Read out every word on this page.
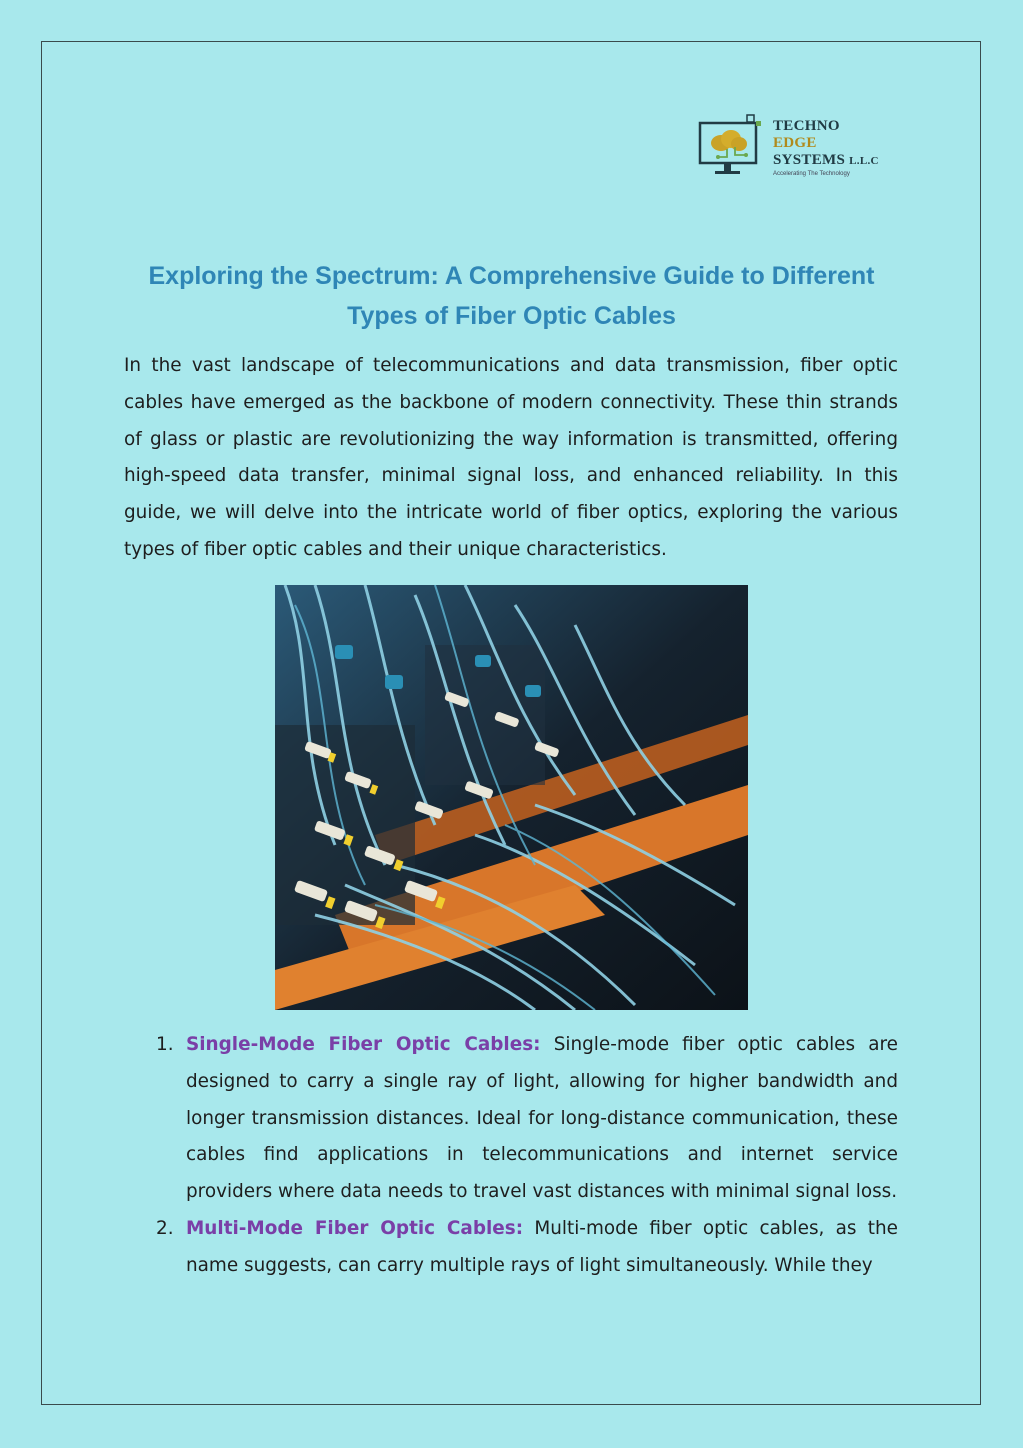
TECHNO
EDGE
SYSTEMS L.L.C
Accelerating The Technology
Exploring the Spectrum: A Comprehensive Guide to Different Types of Fiber Optic Cables

In the vast landscape of telecommunications and data transmission, fiber optic cables have emerged as the backbone of modern connectivity. These thin strands of glass or plastic are revolutionizing the way information is transmitted, offering high-speed data transfer, minimal signal loss, and enhanced reliability. In this guide, we will delve into the intricate world of fiber optics, exploring the various types of fiber optic cables and their unique characteristics.

1. Single-Mode Fiber Optic Cables: Single-mode fiber optic cables are designed to carry a single ray of light, allowing for higher bandwidth and longer transmission distances. Ideal for long-distance communication, these cables find applications in telecommunications and internet service providers where data needs to travel vast distances with minimal signal loss.
2. Multi-Mode Fiber Optic Cables: Multi-mode fiber optic cables, as the name suggests, can carry multiple rays of light simultaneously. While they
